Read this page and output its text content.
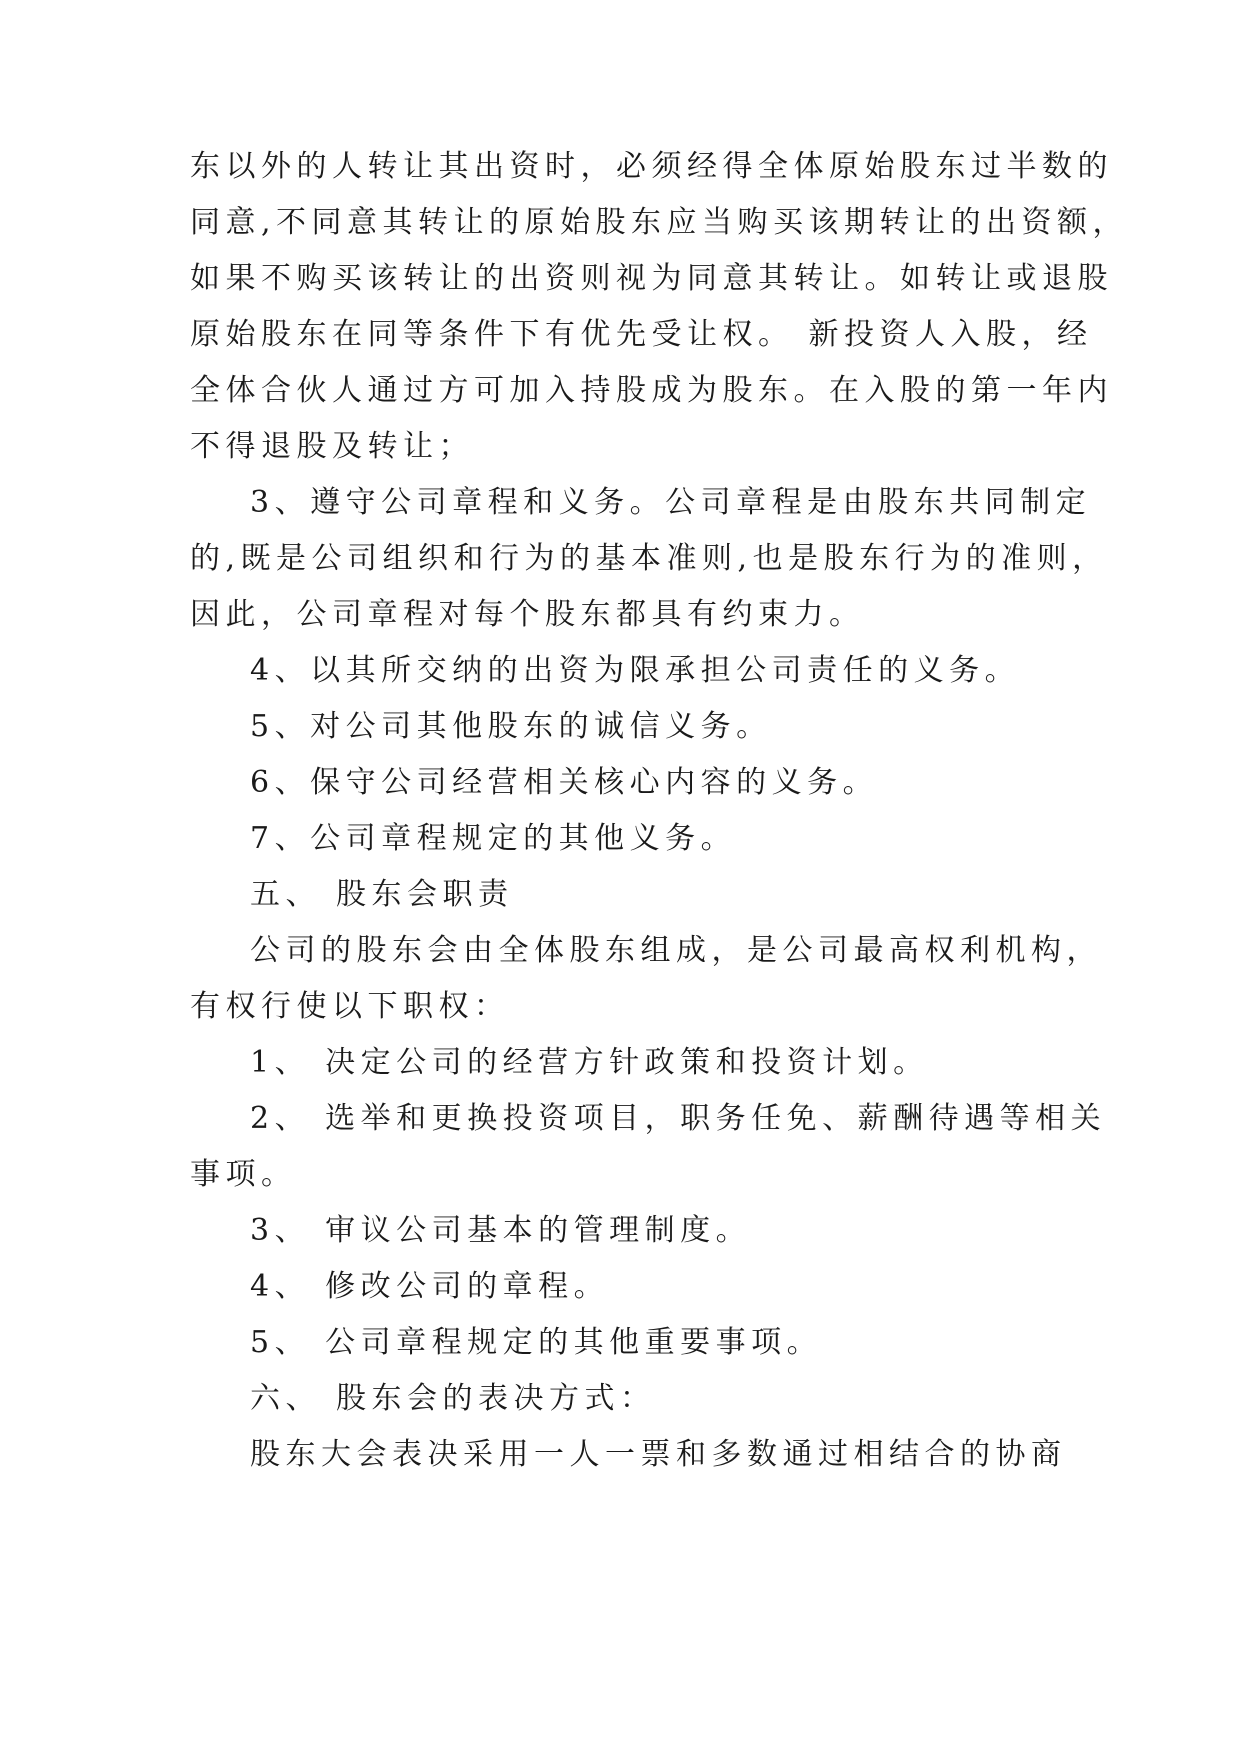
东以外的人转让其出资时，必须经得全体原始股东过半数的
同意,不同意其转让的原始股东应当购买该期转让的出资额，
如果不购买该转让的出资则视为同意其转让。如转让或退股
原始股东在同等条件下有优先受让权。 新投资人入股，经
全体合伙人通过方可加入持股成为股东。在入股的第一年内
不得退股及转让；
3、遵守公司章程和义务。公司章程是由股东共同制定
的,既是公司组织和行为的基本准则,也是股东行为的准则，
因此，公司章程对每个股东都具有约束力。
4、以其所交纳的出资为限承担公司责任的义务。
5、对公司其他股东的诚信义务。
6、保守公司经营相关核心内容的义务。
7、公司章程规定的其他义务。
五、 股东会职责
公司的股东会由全体股东组成，是公司最高权利机构，
有权行使以下职权：
1、 决定公司的经营方针政策和投资计划。
2、 选举和更换投资项目，职务任免、薪酬待遇等相关
事项。
3、 审议公司基本的管理制度。
4、 修改公司的章程。
5、 公司章程规定的其他重要事项。
六、 股东会的表决方式：
股东大会表决采用一人一票和多数通过相结合的协商
